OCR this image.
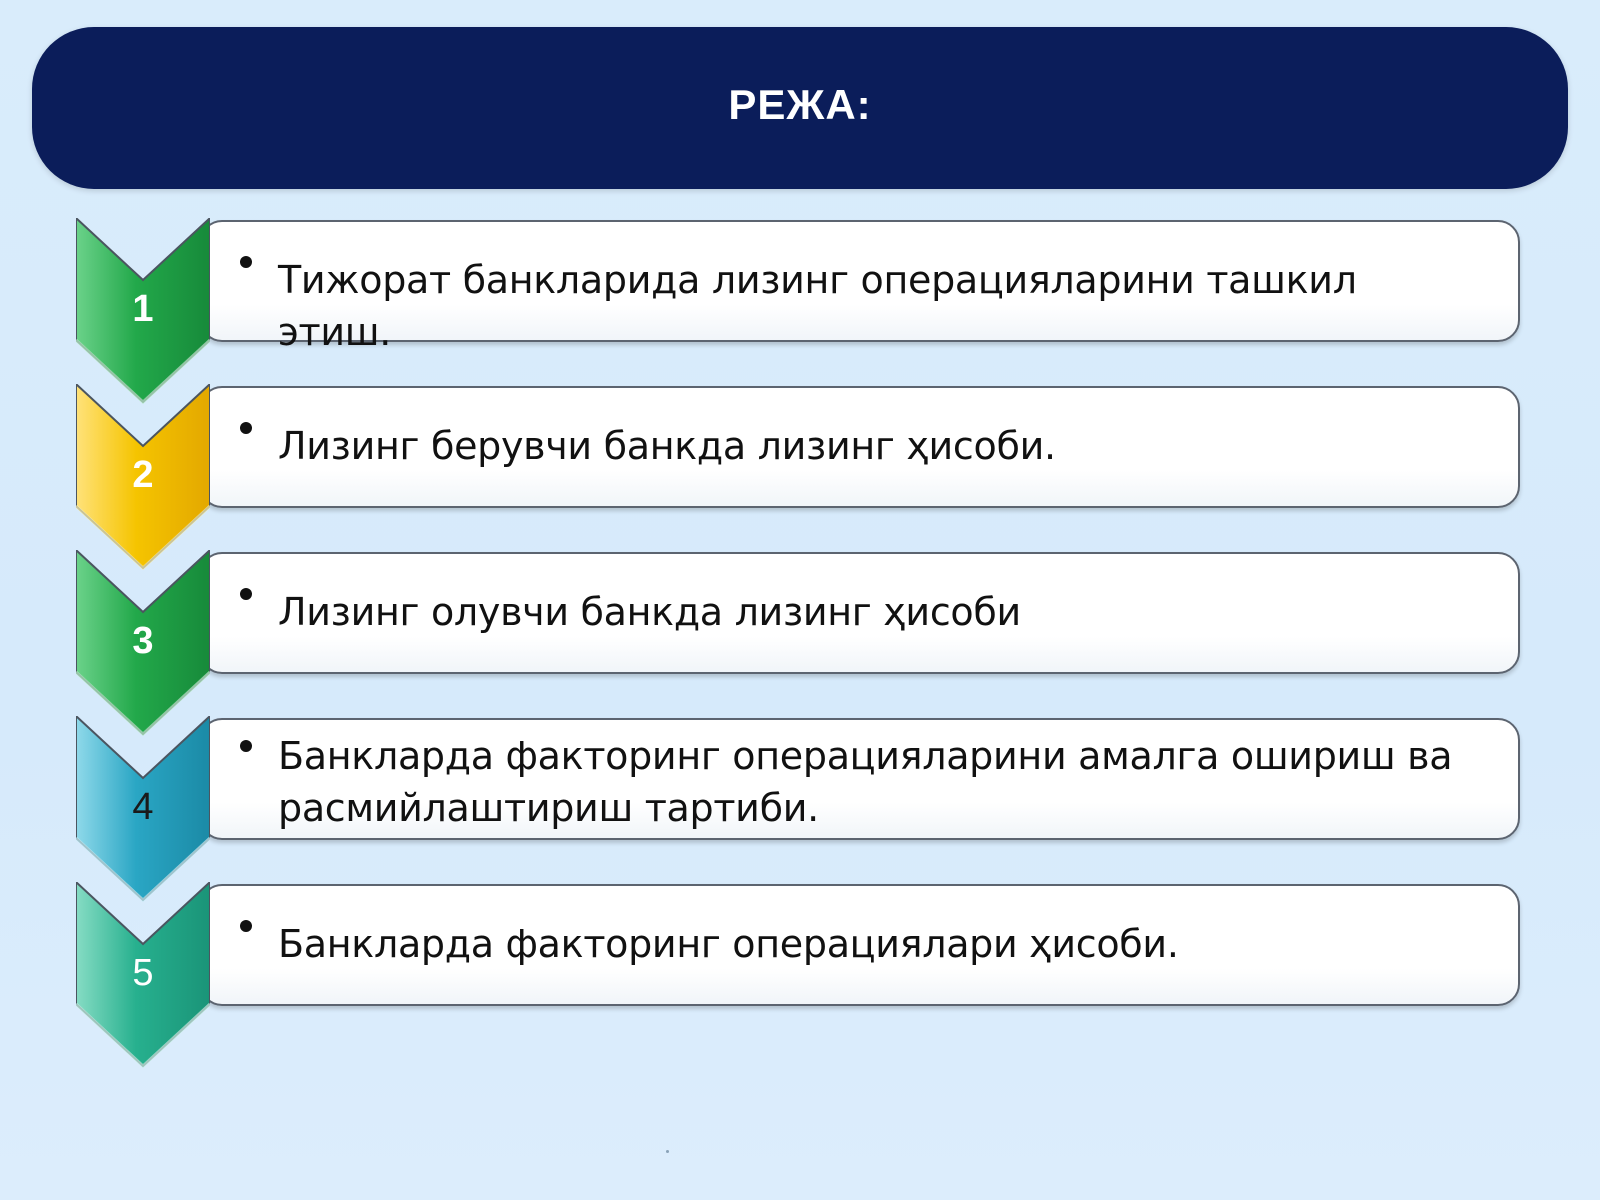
РЕЖА:
Тижорат банкларида лизинг операцияларини ташкил этиш.
1
Лизинг берувчи банкда лизинг ҳисоби.
2
Лизинг олувчи банкда лизинг ҳисоби
3
Банкларда факторинг операцияларини амалга ошириш ва расмийлаштириш тартиби.
4
Банкларда факторинг операциялари ҳисоби.
5
